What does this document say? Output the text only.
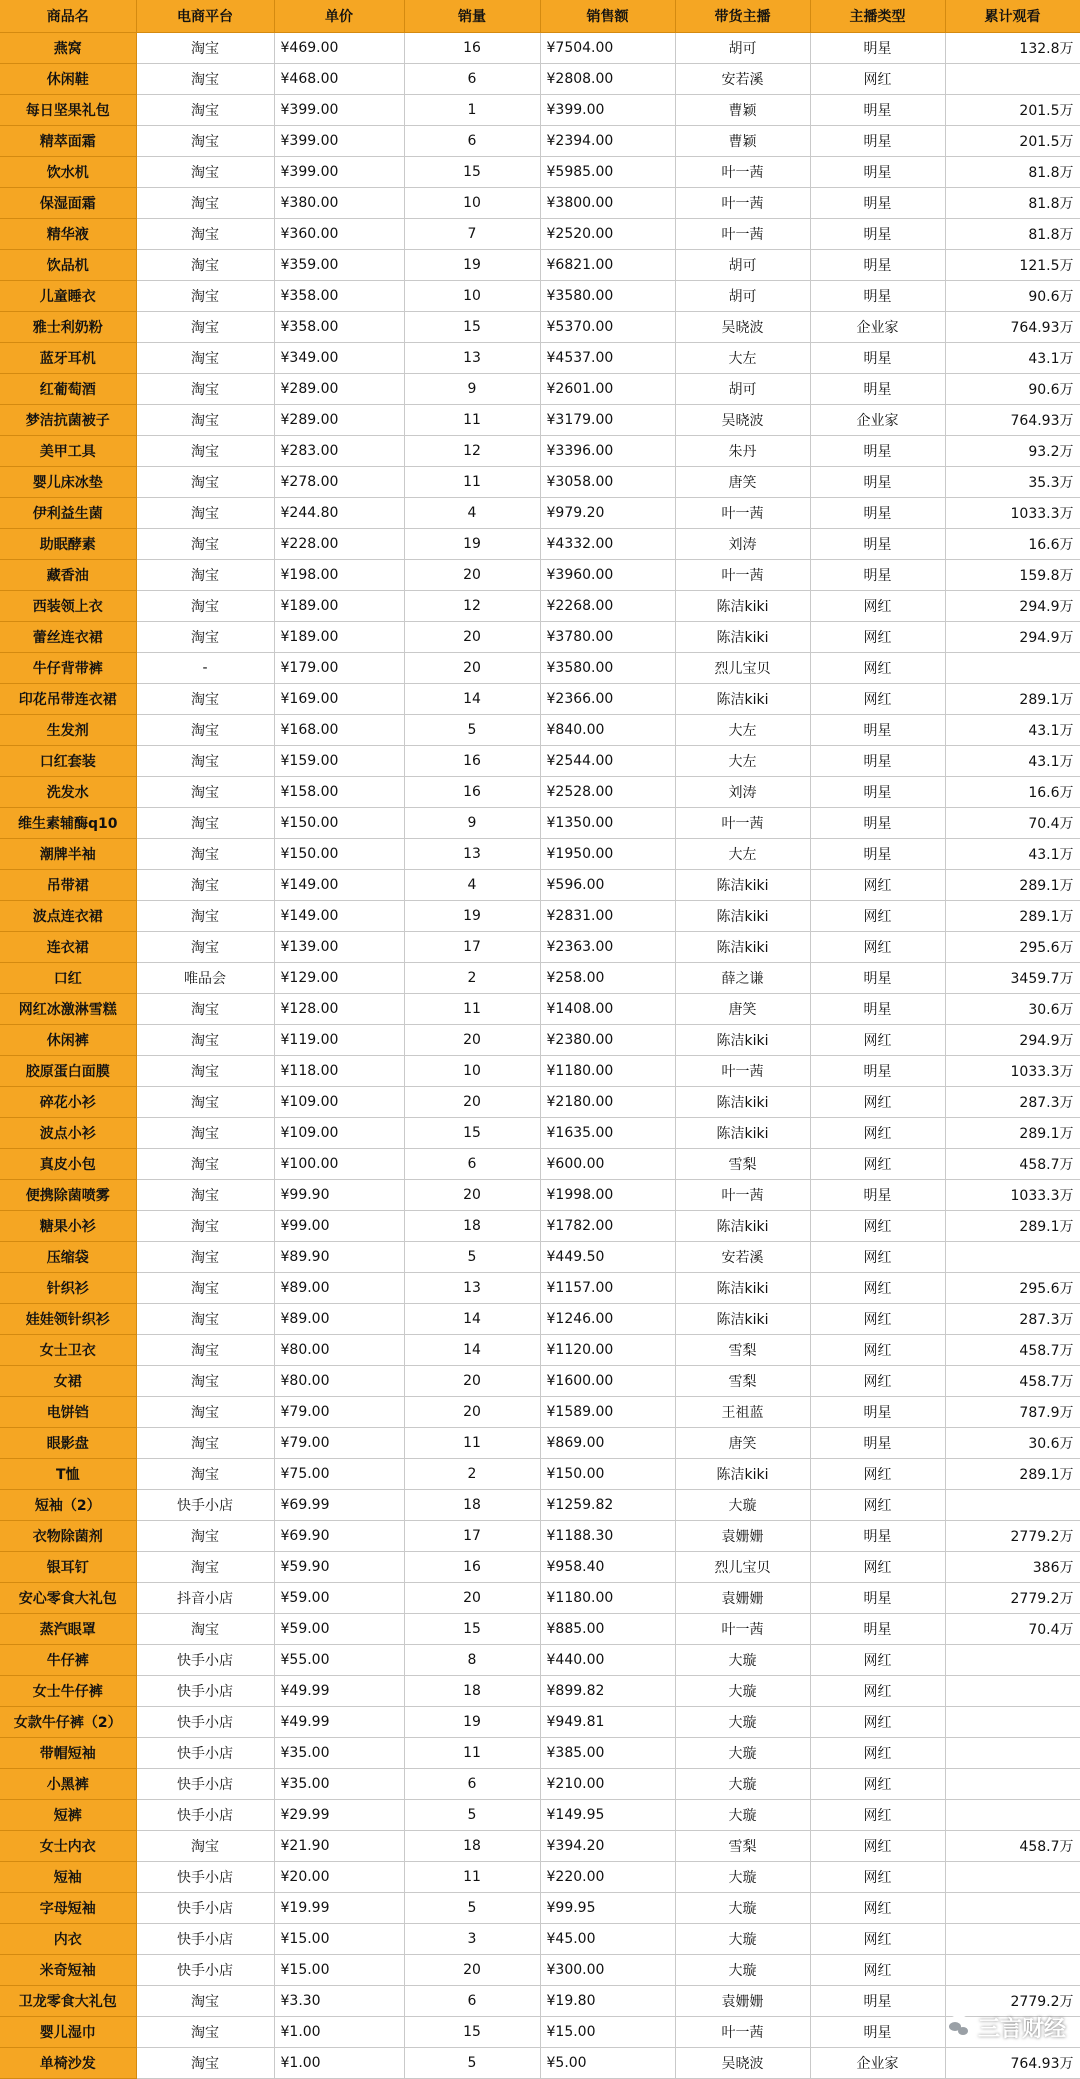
商品名	电商平台	单价	销量	销售额	带货主播	主播类型	累计观看
燕窝	淘宝	¥469.00	16	¥7504.00	胡可	明星	132.8万
休闲鞋	淘宝	¥468.00	6	¥2808.00	安若溪	网红	
每日坚果礼包	淘宝	¥399.00	1	¥399.00	曹颖	明星	201.5万
精萃面霜	淘宝	¥399.00	6	¥2394.00	曹颖	明星	201.5万
饮水机	淘宝	¥399.00	15	¥5985.00	叶一茜	明星	81.8万
保湿面霜	淘宝	¥380.00	10	¥3800.00	叶一茜	明星	81.8万
精华液	淘宝	¥360.00	7	¥2520.00	叶一茜	明星	81.8万
饮品机	淘宝	¥359.00	19	¥6821.00	胡可	明星	121.5万
儿童睡衣	淘宝	¥358.00	10	¥3580.00	胡可	明星	90.6万
雅士利奶粉	淘宝	¥358.00	15	¥5370.00	吴晓波	企业家	764.93万
蓝牙耳机	淘宝	¥349.00	13	¥4537.00	大左	明星	43.1万
红葡萄酒	淘宝	¥289.00	9	¥2601.00	胡可	明星	90.6万
梦洁抗菌被子	淘宝	¥289.00	11	¥3179.00	吴晓波	企业家	764.93万
美甲工具	淘宝	¥283.00	12	¥3396.00	朱丹	明星	93.2万
婴儿床冰垫	淘宝	¥278.00	11	¥3058.00	唐笑	明星	35.3万
伊利益生菌	淘宝	¥244.80	4	¥979.20	叶一茜	明星	1033.3万
助眠酵素	淘宝	¥228.00	19	¥4332.00	刘涛	明星	16.6万
藏香油	淘宝	¥198.00	20	¥3960.00	叶一茜	明星	159.8万
西装领上衣	淘宝	¥189.00	12	¥2268.00	陈洁kiki	网红	294.9万
蕾丝连衣裙	淘宝	¥189.00	20	¥3780.00	陈洁kiki	网红	294.9万
牛仔背带裤	-	¥179.00	20	¥3580.00	烈儿宝贝	网红	
印花吊带连衣裙	淘宝	¥169.00	14	¥2366.00	陈洁kiki	网红	289.1万
生发剂	淘宝	¥168.00	5	¥840.00	大左	明星	43.1万
口红套装	淘宝	¥159.00	16	¥2544.00	大左	明星	43.1万
洗发水	淘宝	¥158.00	16	¥2528.00	刘涛	明星	16.6万
维生素辅酶q10	淘宝	¥150.00	9	¥1350.00	叶一茜	明星	70.4万
潮牌半袖	淘宝	¥150.00	13	¥1950.00	大左	明星	43.1万
吊带裙	淘宝	¥149.00	4	¥596.00	陈洁kiki	网红	289.1万
波点连衣裙	淘宝	¥149.00	19	¥2831.00	陈洁kiki	网红	289.1万
连衣裙	淘宝	¥139.00	17	¥2363.00	陈洁kiki	网红	295.6万
口红	唯品会	¥129.00	2	¥258.00	薛之谦	明星	3459.7万
网红冰激淋雪糕	淘宝	¥128.00	11	¥1408.00	唐笑	明星	30.6万
休闲裤	淘宝	¥119.00	20	¥2380.00	陈洁kiki	网红	294.9万
胶原蛋白面膜	淘宝	¥118.00	10	¥1180.00	叶一茜	明星	1033.3万
碎花小衫	淘宝	¥109.00	20	¥2180.00	陈洁kiki	网红	287.3万
波点小衫	淘宝	¥109.00	15	¥1635.00	陈洁kiki	网红	289.1万
真皮小包	淘宝	¥100.00	6	¥600.00	雪梨	网红	458.7万
便携除菌喷雾	淘宝	¥99.90	20	¥1998.00	叶一茜	明星	1033.3万
糖果小衫	淘宝	¥99.00	18	¥1782.00	陈洁kiki	网红	289.1万
压缩袋	淘宝	¥89.90	5	¥449.50	安若溪	网红	
针织衫	淘宝	¥89.00	13	¥1157.00	陈洁kiki	网红	295.6万
娃娃领针织衫	淘宝	¥89.00	14	¥1246.00	陈洁kiki	网红	287.3万
女士卫衣	淘宝	¥80.00	14	¥1120.00	雪梨	网红	458.7万
女裙	淘宝	¥80.00	20	¥1600.00	雪梨	网红	458.7万
电饼铛	淘宝	¥79.00	20	¥1589.00	王祖蓝	明星	787.9万
眼影盘	淘宝	¥79.00	11	¥869.00	唐笑	明星	30.6万
T恤	淘宝	¥75.00	2	¥150.00	陈洁kiki	网红	289.1万
短袖（2）	快手小店	¥69.99	18	¥1259.82	大璇	网红	
衣物除菌剂	淘宝	¥69.90	17	¥1188.30	袁姗姗	明星	2779.2万
银耳钉	淘宝	¥59.90	16	¥958.40	烈儿宝贝	网红	386万
安心零食大礼包	抖音小店	¥59.00	20	¥1180.00	袁姗姗	明星	2779.2万
蒸汽眼罩	淘宝	¥59.00	15	¥885.00	叶一茜	明星	70.4万
牛仔裤	快手小店	¥55.00	8	¥440.00	大璇	网红	
女士牛仔裤	快手小店	¥49.99	18	¥899.82	大璇	网红	
女款牛仔裤（2）	快手小店	¥49.99	19	¥949.81	大璇	网红	
带帽短袖	快手小店	¥35.00	11	¥385.00	大璇	网红	
小黑裤	快手小店	¥35.00	6	¥210.00	大璇	网红	
短裤	快手小店	¥29.99	5	¥149.95	大璇	网红	
女士内衣	淘宝	¥21.90	18	¥394.20	雪梨	网红	458.7万
短袖	快手小店	¥20.00	11	¥220.00	大璇	网红	
字母短袖	快手小店	¥19.99	5	¥99.95	大璇	网红	
内衣	快手小店	¥15.00	3	¥45.00	大璇	网红	
米奇短袖	快手小店	¥15.00	20	¥300.00	大璇	网红	
卫龙零食大礼包	淘宝	¥3.30	6	¥19.80	袁姗姗	明星	2779.2万
婴儿湿巾	淘宝	¥1.00	15	¥15.00	叶一茜	明星	
单椅沙发	淘宝	¥1.00	5	¥5.00	吴晓波	企业家	764.93万
三言财经
